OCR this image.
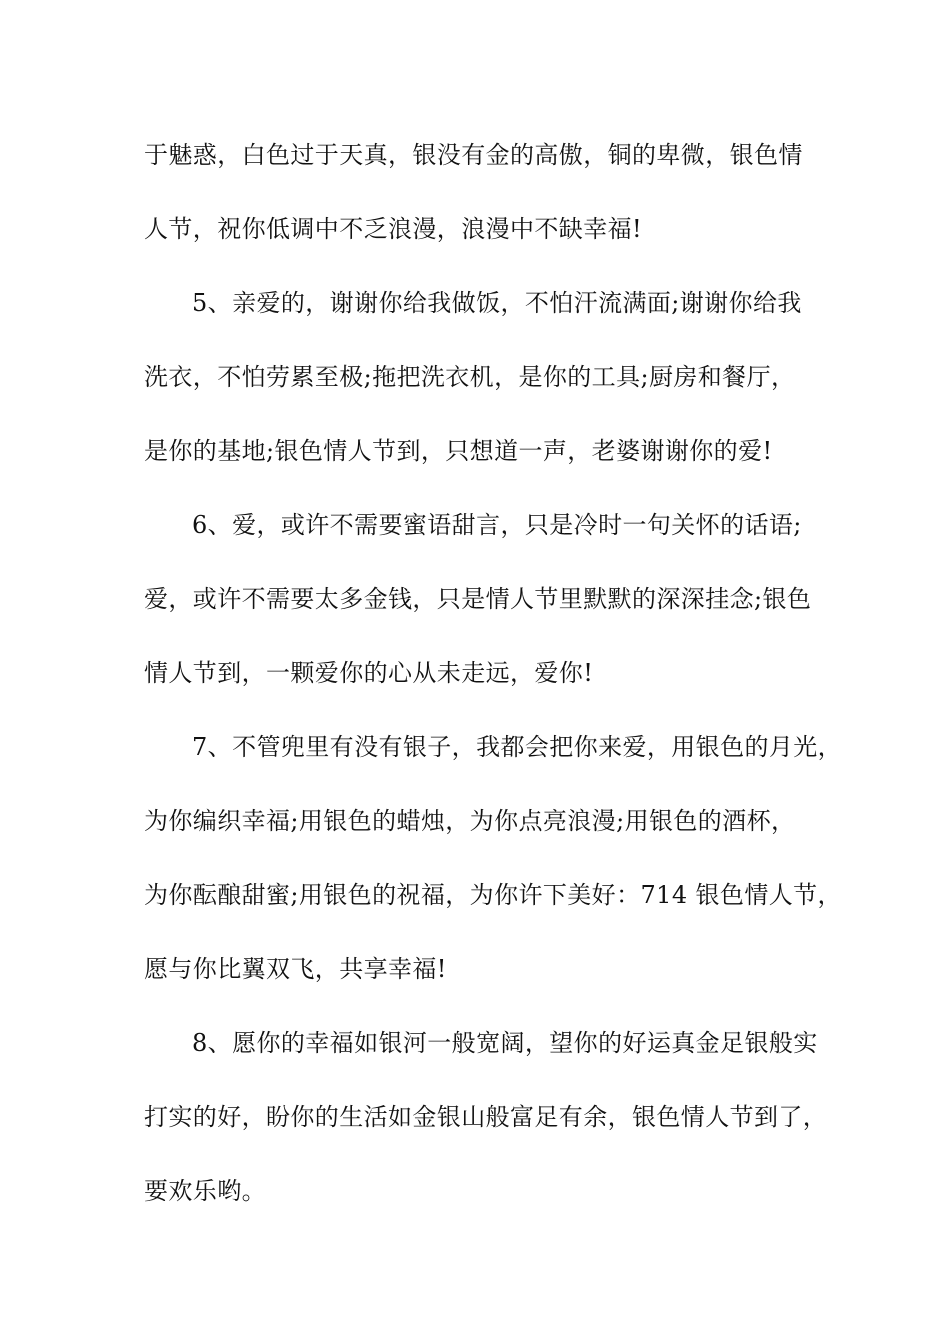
于魅惑，白色过于天真，银没有金的高傲，铜的卑微，银色情
人节，祝你低调中不乏浪漫，浪漫中不缺幸福!
5、亲爱的，谢谢你给我做饭，不怕汗流满面;谢谢你给我
洗衣，不怕劳累至极;拖把洗衣机，是你的工具;厨房和餐厅，
是你的基地;银色情人节到，只想道一声，老婆谢谢你的爱!
6、爱，或许不需要蜜语甜言，只是冷时一句关怀的话语;
爱，或许不需要太多金钱，只是情人节里默默的深深挂念;银色
情人节到，一颗爱你的心从未走远，爱你!
7、不管兜里有没有银子，我都会把你来爱，用银色的月光，
为你编织幸福;用银色的蜡烛，为你点亮浪漫;用银色的酒杯，
为你酝酿甜蜜;用银色的祝福，为你许下美好：714 银色情人节，
愿与你比翼双飞，共享幸福!
8、愿你的幸福如银河一般宽阔，望你的好运真金足银般实
打实的好，盼你的生活如金银山般富足有余，银色情人节到了，
要欢乐哟。
